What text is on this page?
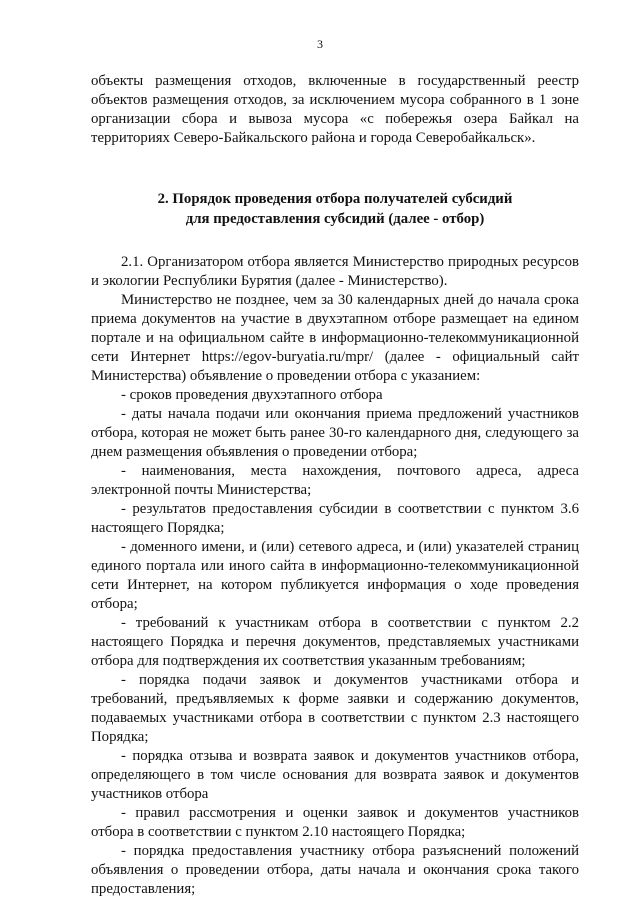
3

объекты размещения отходов, включенные в государственный реестр объектов размещения отходов, за исключением мусора собранного в 1 зоне организации сбора и вывоза мусора «с побережья озера Байкал на территориях Северо-Байкальского района и города Северобайкальск».

2. Порядок проведения отбора получателей субсидий
для предоставления субсидий (далее - отбор)

2.1. Организатором отбора является Министерство природных ресурсов и экологии Республики Бурятия (далее - Министерство).

Министерство не позднее, чем за 30 календарных дней до начала срока приема документов на участие в двухэтапном отборе размещает на едином портале и на официальном сайте в информационно-телекоммуникационной сети Интернет https://egov-buryatia.ru/mpr/ (далее - официальный сайт Министерства) объявление о проведении отбора с указанием:

- сроков проведения двухэтапного отбора

- даты начала подачи или окончания приема предложений участников отбора, которая не может быть ранее 30-го календарного дня, следующего за днем размещения объявления о проведении отбора;

- наименования, места нахождения, почтового адреса, адреса электронной почты Министерства;

- результатов предоставления субсидии в соответствии с пунктом 3.6 настоящего Порядка;

- доменного имени, и (или) сетевого адреса, и (или) указателей страниц единого портала или иного сайта в информационно-телекоммуникационной сети Интернет, на котором публикуется информация о ходе проведения отбора;

- требований к участникам отбора в соответствии с пунктом 2.2 настоящего Порядка и перечня документов, представляемых участниками отбора для подтверждения их соответствия указанным требованиям;

- порядка подачи заявок и документов участниками отбора и требований, предъявляемых к форме заявки и содержанию документов, подаваемых участниками отбора в соответствии с пунктом 2.3 настоящего Порядка;

- порядка отзыва и возврата заявок и документов участников отбора, определяющего в том числе основания для возврата заявок и документов участников отбора

- правил рассмотрения и оценки заявок и документов участников отбора в соответствии с пунктом 2.10 настоящего Порядка;

- порядка предоставления участнику отбора разъяснений положений объявления о проведении отбора, даты начала и окончания срока такого предоставления;
